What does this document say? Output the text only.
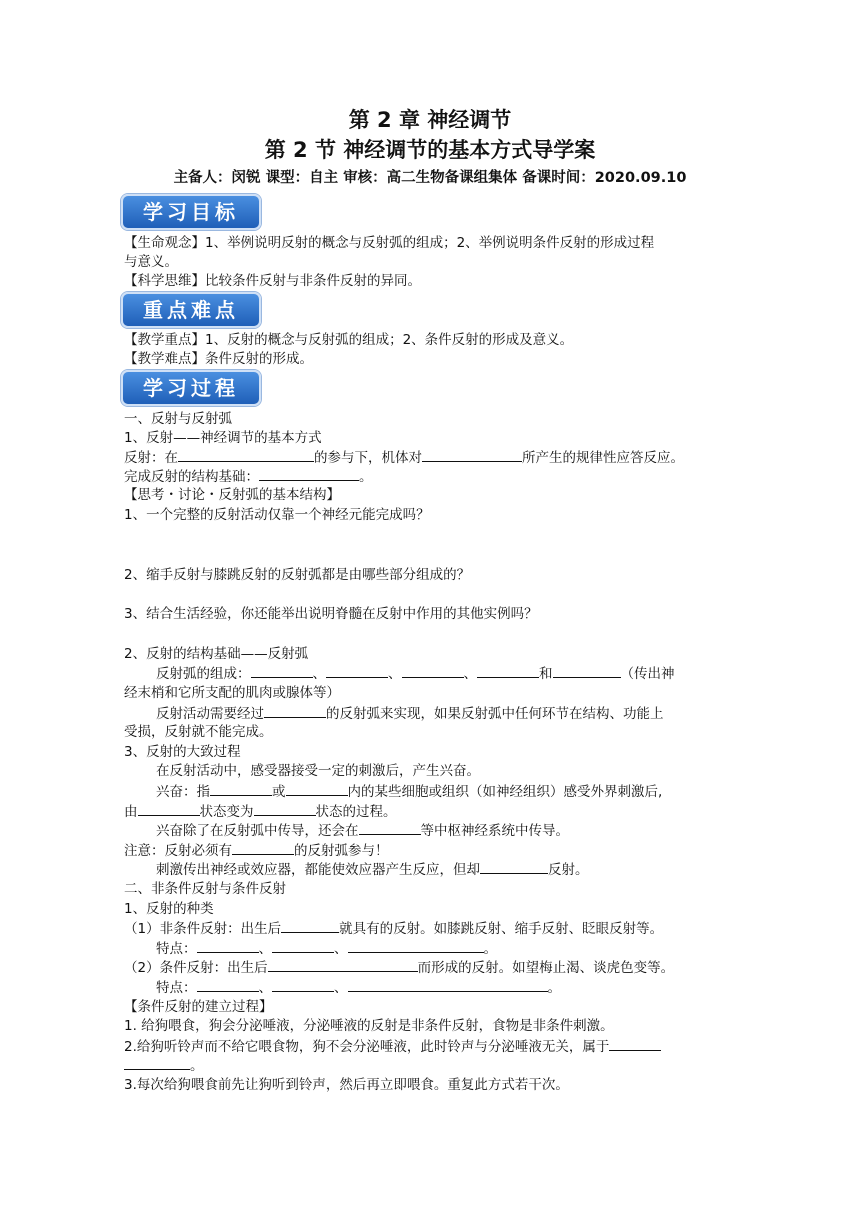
第 2 章 神经调节
第 2 节 神经调节的基本方式导学案
主备人：闵锐 课型：自主 审核：高二生物备课组集体 备课时间：2020.09.10
学习目标
【生命观念】1、举例说明反射的概念与反射弧的组成；2、举例说明条件反射的形成过程
与意义。
【科学思维】比较条件反射与非条件反射的异同。
重点难点
【教学重点】1、反射的概念与反射弧的组成；2、条件反射的形成及意义。
【教学难点】条件反射的形成。
学习过程
一、反射与反射弧
1、反射——神经调节的基本方式
反射：在	的参与下，机体对	所产生的规律性应答反应。
完成反射的结构基础：	。
【思考・讨论・反射弧的基本结构】
1、一个完整的反射活动仅靠一个神经元能完成吗？
2、缩手反射与膝跳反射的反射弧都是由哪些部分组成的？
3、结合生活经验，你还能举出说明脊髓在反射中作用的其他实例吗？
2、反射的结构基础——反射弧
反射弧的组成：	、	、	、	和	（传出神
经末梢和它所支配的肌肉或腺体等）
反射活动需要经过	的反射弧来实现，如果反射弧中任何环节在结构、功能上
受损，反射就不能完成。
3、反射的大致过程
在反射活动中，感受器接受一定的刺激后，产生兴奋。
兴奋：指	或	内的某些细胞或组织（如神经组织）感受外界刺激后,
由	状态变为	状态的过程。
兴奋除了在反射弧中传导，还会在	等中枢神经系统中传导。
注意：反射必须有	的反射弧参与！
刺激传出神经或效应器，都能使效应器产生反应，但却	反射。
二、非条件反射与条件反射
1、反射的种类
（1）非条件反射：出生后	就具有的反射。如膝跳反射、缩手反射、眨眼反射等。
特点：	、	、	。
（2）条件反射：出生后	而形成的反射。如望梅止渴、谈虎色变等。
特点：	、	、	。
【条件反射的建立过程】
1. 给狗喂食，狗会分泌唾液，分泌唾液的反射是非条件反射，食物是非条件刺激。
2.给狗听铃声而不给它喂食物，狗不会分泌唾液，此时铃声与分泌唾液无关，属于
。
3.每次给狗喂食前先让狗听到铃声，然后再立即喂食。重复此方式若干次。
